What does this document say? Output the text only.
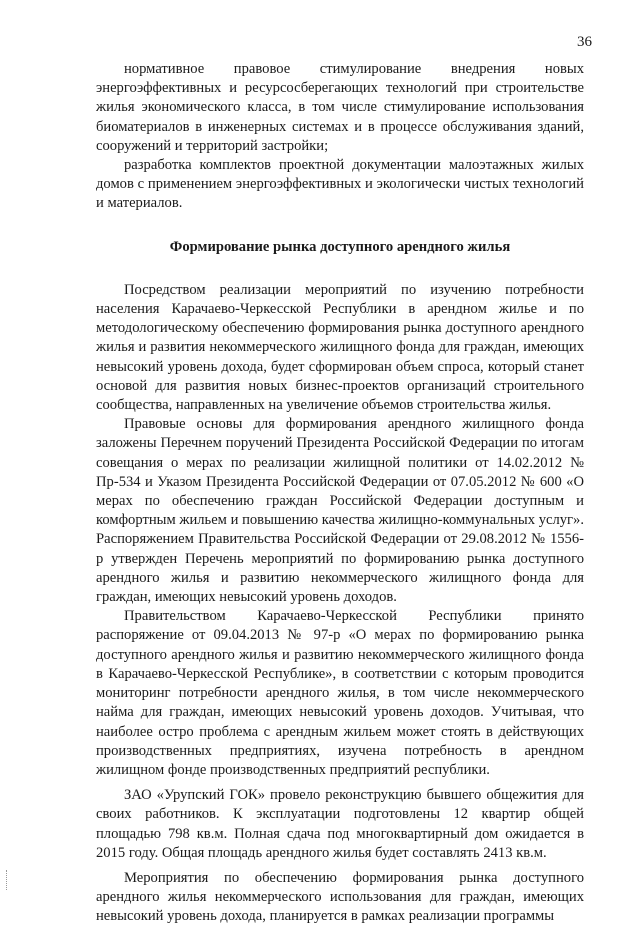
36

нормативное правовое стимулирование внедрения новых энергоэффективных и ресурсосберегающих технологий при строительстве жилья экономического класса, в том числе стимулирование использования биоматериалов в инженерных системах и в процессе обслуживания зданий, сооружений и территорий застройки;

разработка комплектов проектной документации малоэтажных жилых домов с применением энергоэффективных и экологически чистых технологий и материалов.

Формирование рынка доступного арендного жилья

Посредством реализации мероприятий по изучению потребности населения Карачаево-Черкесской Республики в арендном жилье и по методологическому обеспечению формирования рынка доступного арендного жилья и развития некоммерческого жилищного фонда для граждан, имеющих невысокий уровень дохода, будет сформирован объем спроса, который станет основой для развития новых бизнес-проектов организаций строительного сообщества, направленных на увеличение объемов строительства жилья.

Правовые основы для формирования арендного жилищного фонда заложены Перечнем поручений Президента Российской Федерации по итогам совещания о мерах по реализации жилищной политики от 14.02.2012 № Пр-534 и Указом Президента Российской Федерации от 07.05.2012 № 600 «О мерах по обеспечению граждан Российской Федерации доступным и комфортным жильем и повышению качества жилищно-коммунальных услуг». Распоряжением Правительства Российской Федерации от 29.08.2012 № 1556-р утвержден Перечень мероприятий по формированию рынка доступного арендного жилья и развитию некоммерческого жилищного фонда для граждан, имеющих невысокий уровень доходов.

Правительством Карачаево-Черкесской Республики принято распоряжение от 09.04.2013 № 97-р «О мерах по формированию рынка доступного арендного жилья и развитию некоммерческого жилищного фонда в Карачаево-Черкесской Республике», в соответствии с которым проводится мониторинг потребности арендного жилья, в том числе некоммерческого найма для граждан, имеющих невысокий уровень доходов. Учитывая, что наиболее остро проблема с арендным жильем может стоять в действующих производственных предприятиях, изучена потребность в арендном жилищном фонде производственных предприятий республики.

ЗАО «Урупский ГОК» провело реконструкцию бывшего общежития для своих работников. К эксплуатации подготовлены 12 квартир общей площадью 798 кв.м. Полная сдача под многоквартирный дом ожидается в 2015 году. Общая площадь арендного жилья будет составлять 2413 кв.м.

Мероприятия по обеспечению формирования рынка доступного арендного жилья некоммерческого использования для граждан, имеющих невысокий уровень дохода, планируется в рамках реализации программы
